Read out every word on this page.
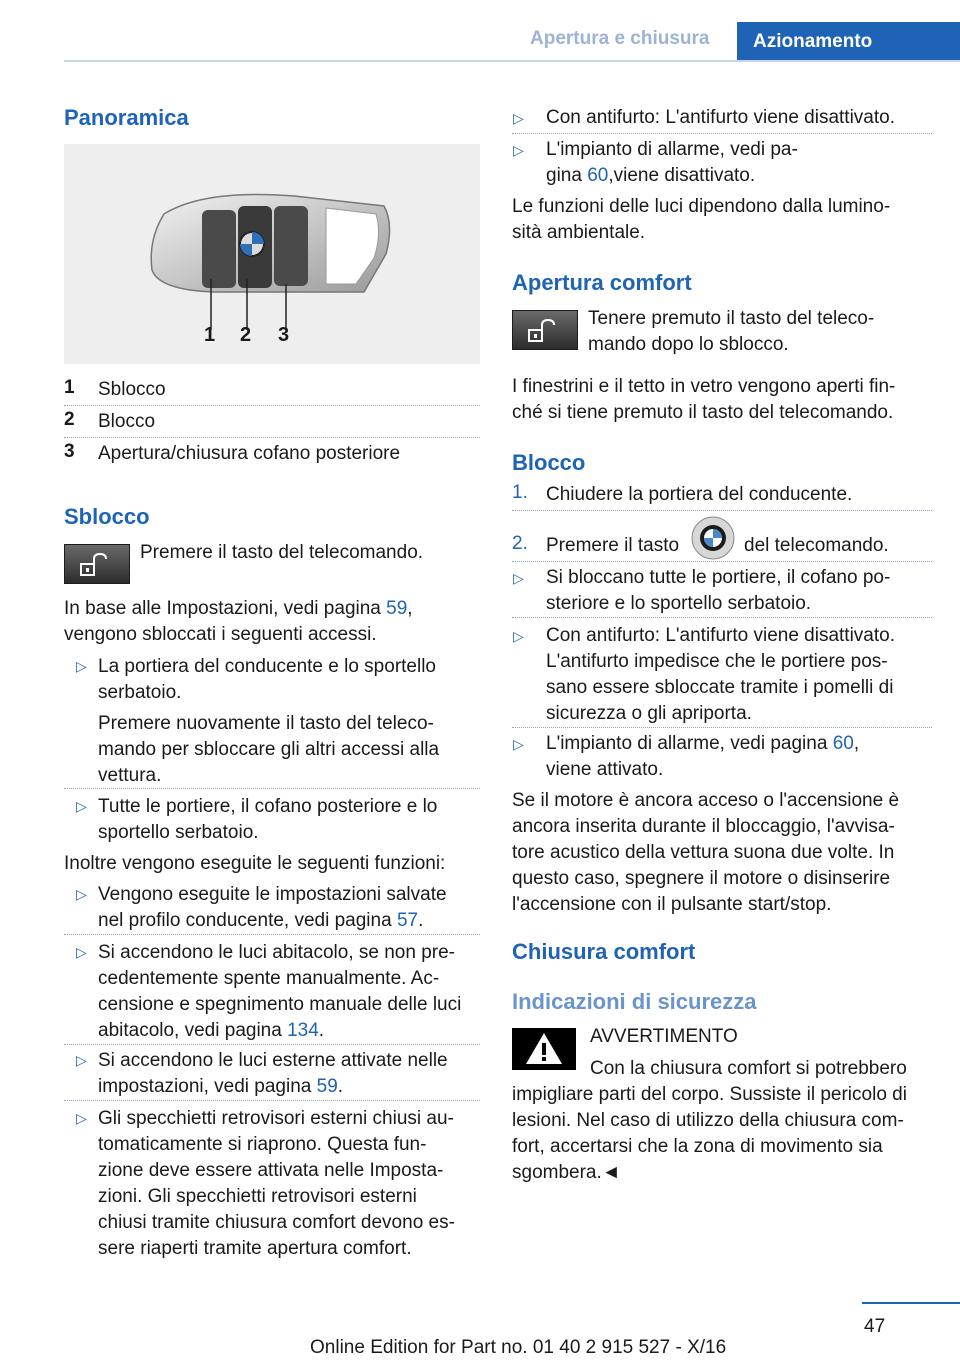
Apertura e chiusura	Azionamento
Panoramica
1 2 3
1 Sblocco
2 Blocco
3 Apertura/chiusura cofano posteriore
Sblocco
Premere il tasto del telecomando.
In base alle Impostazioni, vedi pagina 59,
vengono sbloccati i seguenti accessi.
▷ La portiera del conducente e lo sportello
serbatoio.
Premere nuovamente il tasto del teleco-
mando per sbloccare gli altri accessi alla
vettura.
▷ Tutte le portiere, il cofano posteriore e lo
sportello serbatoio.
Inoltre vengono eseguite le seguenti funzioni:
▷ Vengono eseguite le impostazioni salvate
nel profilo conducente, vedi pagina 57.
▷ Si accendono le luci abitacolo, se non pre-
cedentemente spente manualmente. Ac-
censione e spegnimento manuale delle luci
abitacolo, vedi pagina 134.
▷ Si accendono le luci esterne attivate nelle
impostazioni, vedi pagina 59.
▷ Gli specchietti retrovisori esterni chiusi au-
tomaticamente si riaprono. Questa fun-
zione deve essere attivata nelle Imposta-
zioni. Gli specchietti retrovisori esterni
chiusi tramite chiusura comfort devono es-
sere riaperti tramite apertura comfort.
▷ Con antifurto: L'antifurto viene disattivato.
▷ L'impianto di allarme, vedi pa-
gina 60,viene disattivato.
Le funzioni delle luci dipendono dalla lumino-
sità ambientale.
Apertura comfort
Tenere premuto il tasto del teleco-
mando dopo lo sblocco.
I finestrini e il tetto in vetro vengono aperti fin-
ché si tiene premuto il tasto del telecomando.
Blocco
1. Chiudere la portiera del conducente.
2. Premere il tasto	del telecomando.
▷ Si bloccano tutte le portiere, il cofano po-
steriore e lo sportello serbatoio.
▷ Con antifurto: L'antifurto viene disattivato.
L'antifurto impedisce che le portiere pos-
sano essere sbloccate tramite i pomelli di
sicurezza o gli apriporta.
▷ L'impianto di allarme, vedi pagina 60,
viene attivato.
Se il motore è ancora acceso o l'accensione è
ancora inserita durante il bloccaggio, l'avvisa-
tore acustico della vettura suona due volte. In
questo caso, spegnere il motore o disinserire
l'accensione con il pulsante start/stop.
Chiusura comfort
Indicazioni di sicurezza
AVVERTIMENTO
Con la chiusura comfort si potrebbero
impigliare parti del corpo. Sussiste il pericolo di
lesioni. Nel caso di utilizzo della chiusura com-
fort, accertarsi che la zona di movimento sia
sgombera.◄
47
Online Edition for Part no. 01 40 2 915 527 - X/16
